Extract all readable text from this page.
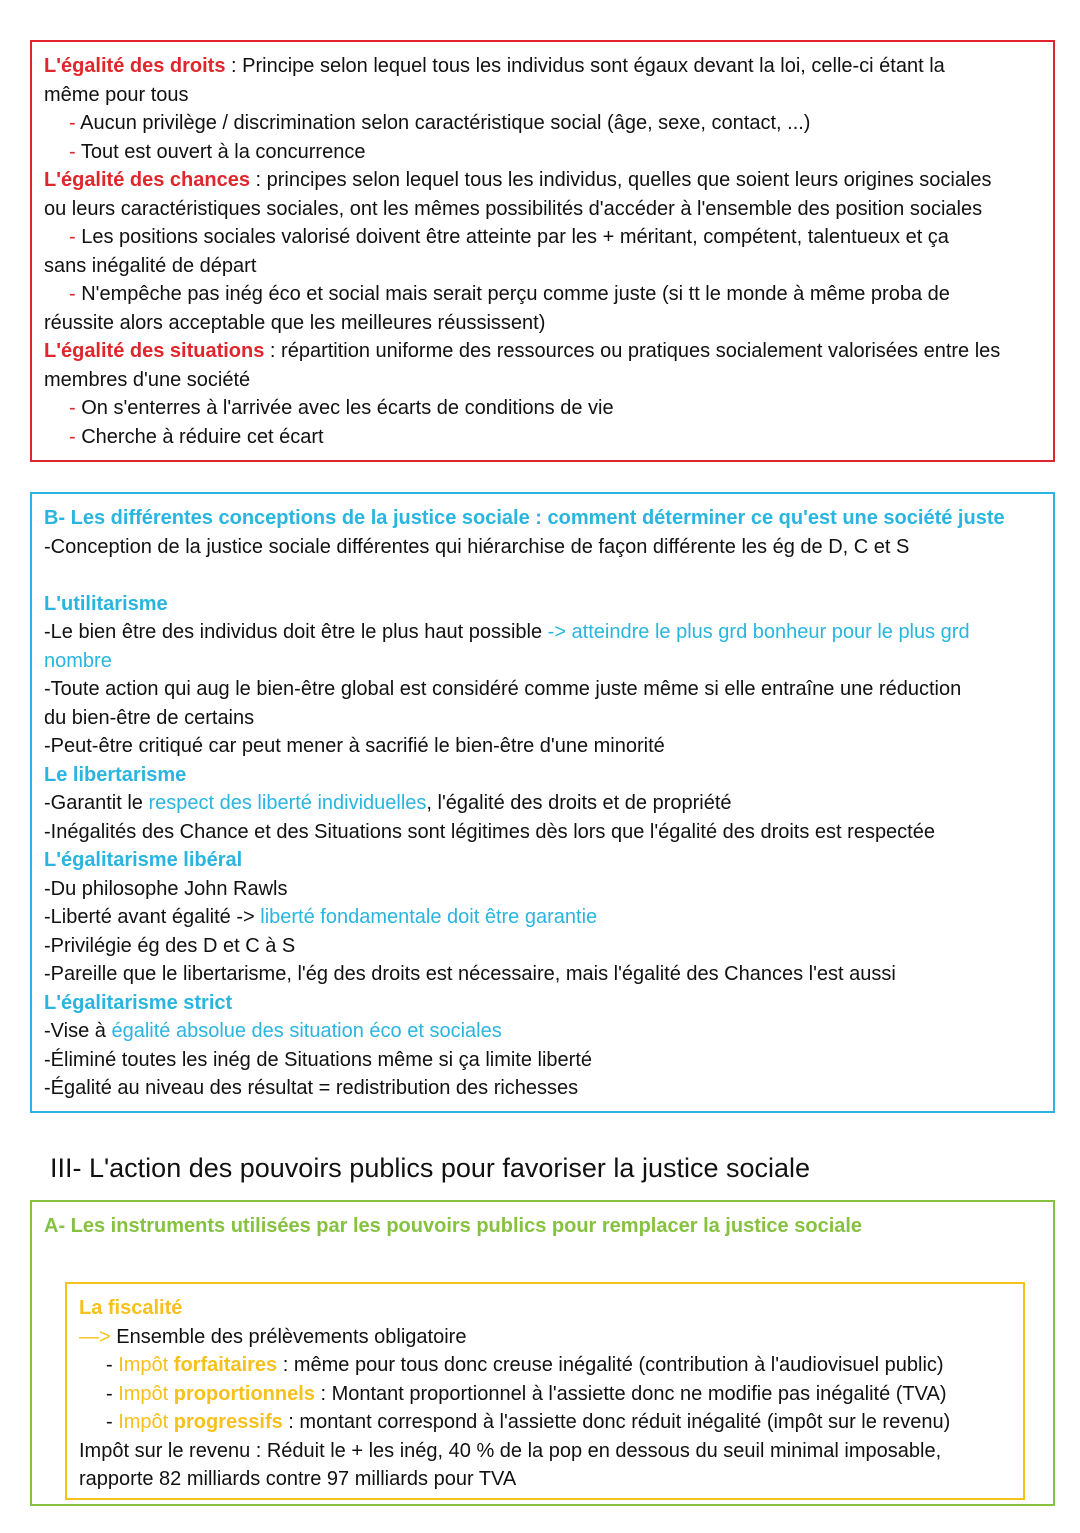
L'égalité des droits : Principe selon lequel tous les individus sont égaux devant la loi, celle-ci étant la
même pour tous
- Aucun privilège / discrimination selon caractéristique social (âge, sexe, contact, ...)
- Tout est ouvert à la concurrence
L'égalité des chances : principes selon lequel tous les individus, quelles que soient leurs origines sociales
ou leurs caractéristiques sociales, ont les mêmes possibilités d'accéder à l'ensemble des position sociales
- Les positions sociales valorisé doivent être atteinte par les + méritant, compétent, talentueux et ça
sans inégalité de départ
- N'empêche pas inég éco et social mais serait perçu comme juste (si tt le monde à même proba de
réussite alors acceptable que les meilleures réussissent)
L'égalité des situations : répartition uniforme des ressources ou pratiques socialement valorisées entre les
membres d'une société
- On s'enterres à l'arrivée avec les écarts de conditions de vie
- Cherche à réduire cet écart
B- Les différentes conceptions de la justice sociale : comment déterminer ce qu'est une société juste
-Conception de la justice sociale différentes qui hiérarchise de façon différente les ég de D, C et S
L'utilitarisme
-Le bien être des individus doit être le plus haut possible -> atteindre le plus grd bonheur pour le plus grd
nombre
-Toute action qui aug le bien-être global est considéré comme juste même si elle entraîne une réduction
du bien-être de certains
-Peut-être critiqué car peut mener à sacrifié le bien-être d'une minorité
Le libertarisme
-Garantit le respect des liberté individuelles, l'égalité des droits et de propriété
-Inégalités des Chance et des Situations sont légitimes dès lors que l'égalité des droits est respectée
L'égalitarisme libéral
-Du philosophe John Rawls
-Liberté avant égalité -> liberté fondamentale doit être garantie
-Privilégie ég des D et C à S
-Pareille que le libertarisme, l'ég des droits est nécessaire, mais l'égalité des Chances l'est aussi
L'égalitarisme strict
-Vise à égalité absolue des situation éco et sociales
-Éliminé toutes les inég de Situations même si ça limite liberté
-Égalité au niveau des résultat = redistribution des richesses
III- L'action des pouvoirs publics pour favoriser la justice sociale
A- Les instruments utilisées par les pouvoirs publics pour remplacer la justice sociale
La fiscalité
—> Ensemble des prélèvements obligatoire
- Impôt forfaitaires : même pour tous donc creuse inégalité (contribution à l'audiovisuel public)
- Impôt proportionnels : Montant proportionnel à l'assiette donc ne modifie pas inégalité (TVA)
- Impôt progressifs : montant correspond à l'assiette donc réduit inégalité (impôt sur le revenu)
Impôt sur le revenu : Réduit le + les inég, 40 % de la pop en dessous du seuil minimal imposable,
rapporte 82 milliards contre 97 milliards pour TVA
